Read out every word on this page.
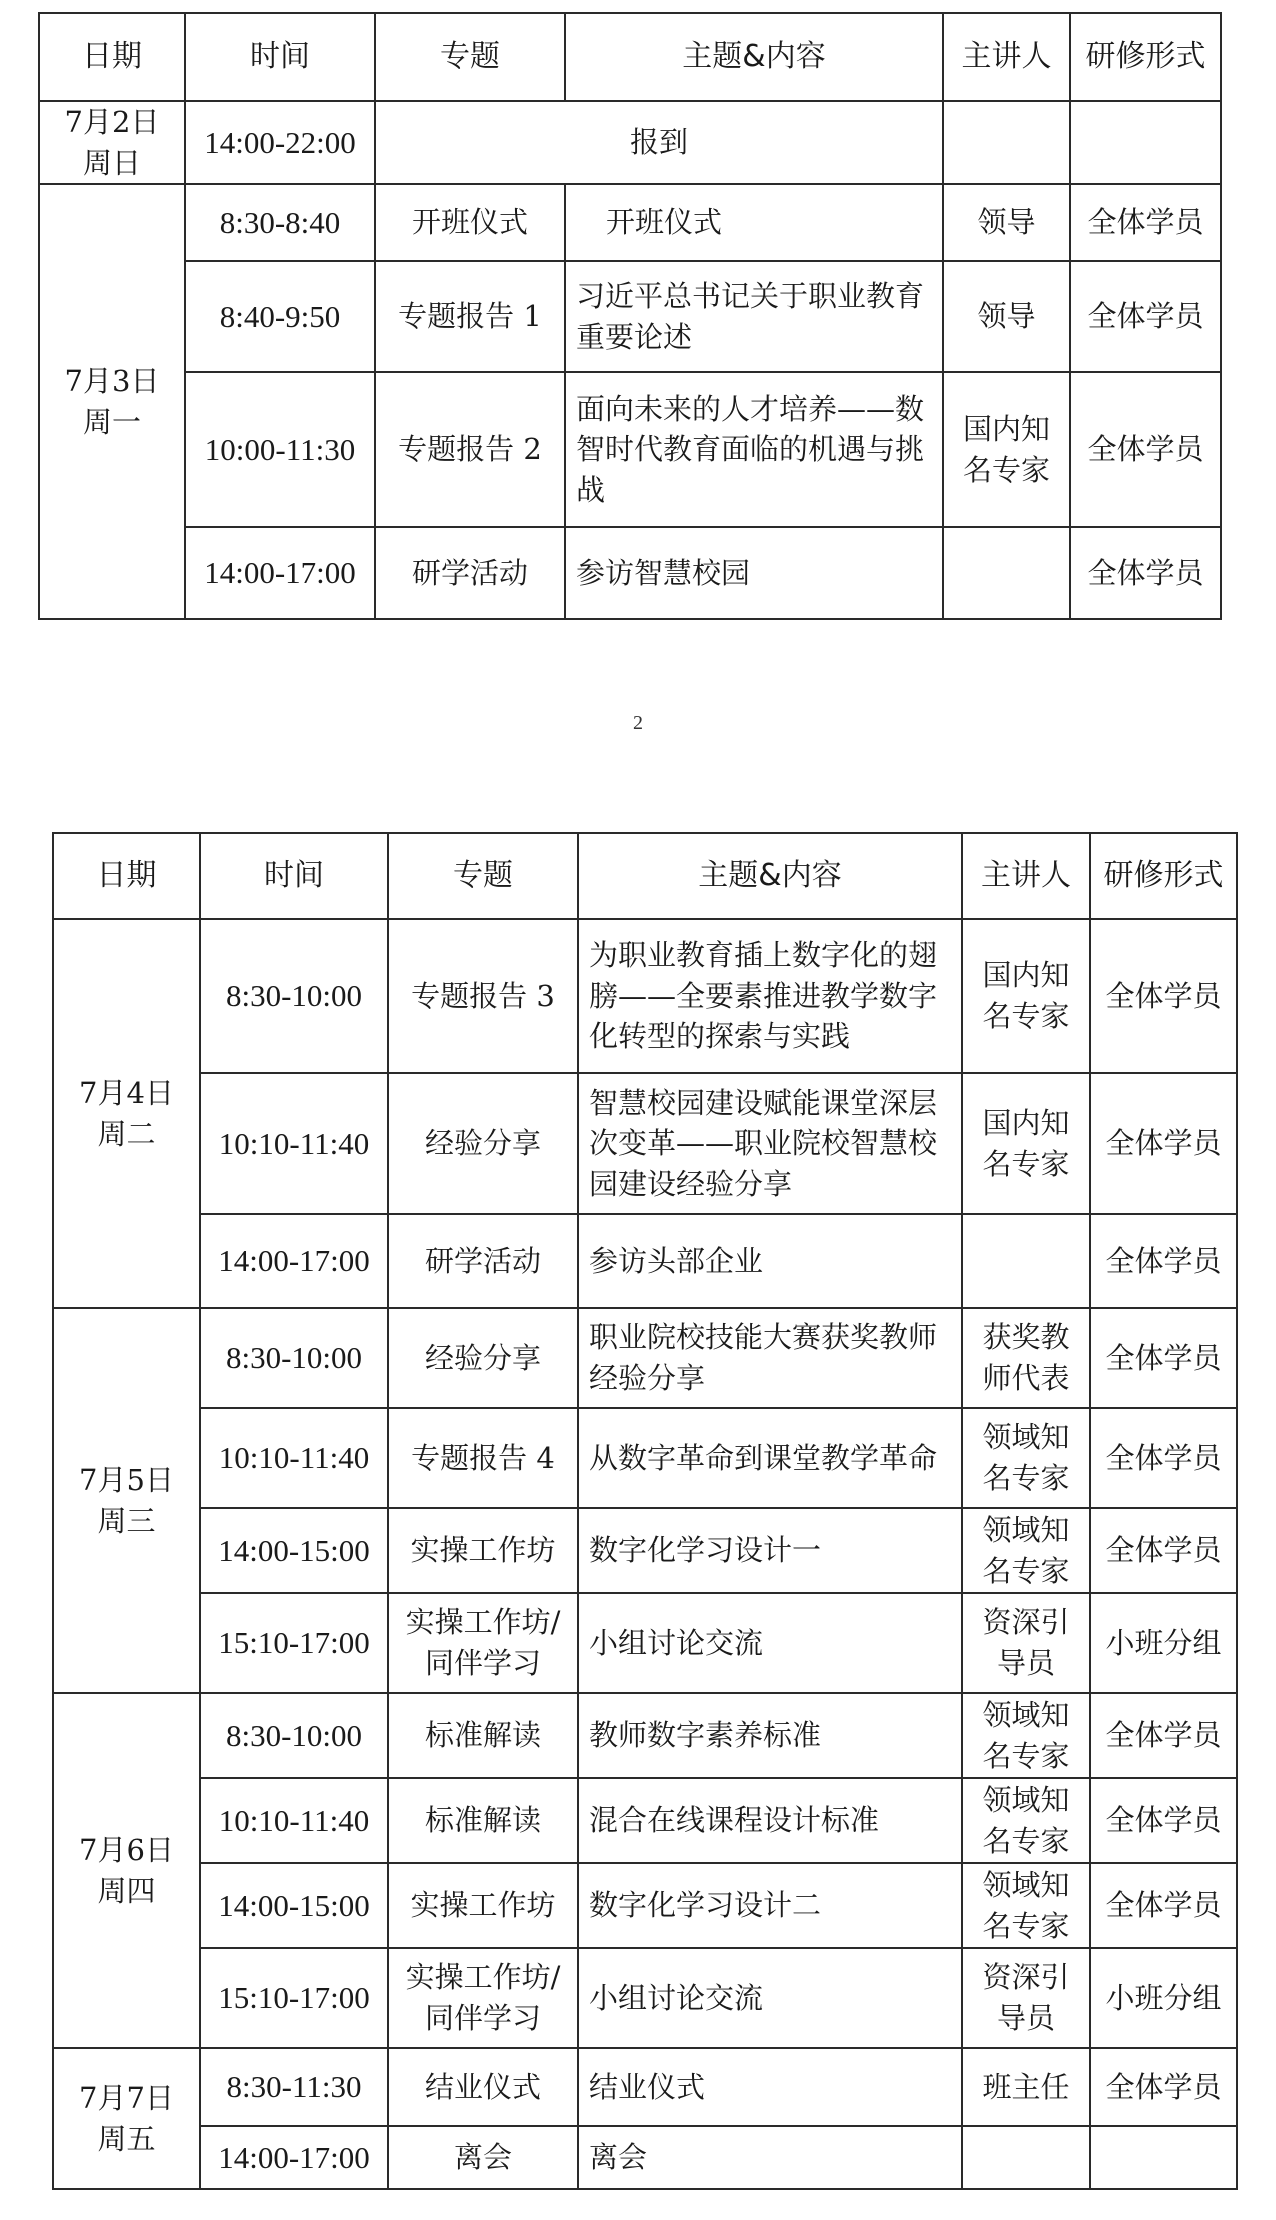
日期	时间	专题	主题&内容	主讲人	研修形式

7月2日
周日	14:00-22:00	报到			

7月3日
周一	8:30-8:40	开班仪式	开班仪式	领导	全体学员
	8:40-9:50	专题报告 1	习近平总书记关于职业教育重要论述	领导	全体学员
	10:00-11:30	专题报告 2	面向未来的人才培养——数智时代教育面临的机遇与挑战	国内知名专家	全体学员
	14:00-17:00	研学活动	参访智慧校园		全体学员
2
日期	时间	专题	主题&内容	主讲人	研修形式

7月4日
周二	8:30-10:00	专题报告 3	为职业教育插上数字化的翅膀——全要素推进教学数字化转型的探索与实践	国内知名专家	全体学员
	10:10-11:40	经验分享	智慧校园建设赋能课堂深层次变革——职业院校智慧校园建设经验分享	国内知名专家	全体学员
	14:00-17:00	研学活动	参访头部企业		全体学员

7月5日
周三	8:30-10:00	经验分享	职业院校技能大赛获奖教师经验分享	获奖教师代表	全体学员
	10:10-11:40	专题报告 4	从数字革命到课堂教学革命	领域知名专家	全体学员
	14:00-15:00	实操工作坊	数字化学习设计一	领域知名专家	全体学员
	15:10-17:00	实操工作坊/同伴学习	小组讨论交流	资深引导员	小班分组

7月6日
周四	8:30-10:00	标准解读	教师数字素养标准	领域知名专家	全体学员
	10:10-11:40	标准解读	混合在线课程设计标准	领域知名专家	全体学员
	14:00-15:00	实操工作坊	数字化学习设计二	领域知名专家	全体学员
	15:10-17:00	实操工作坊/同伴学习	小组讨论交流	资深引导员	小班分组

7月7日
周五	8:30-11:30	结业仪式	结业仪式	班主任	全体学员
	14:00-17:00	离会	离会		
